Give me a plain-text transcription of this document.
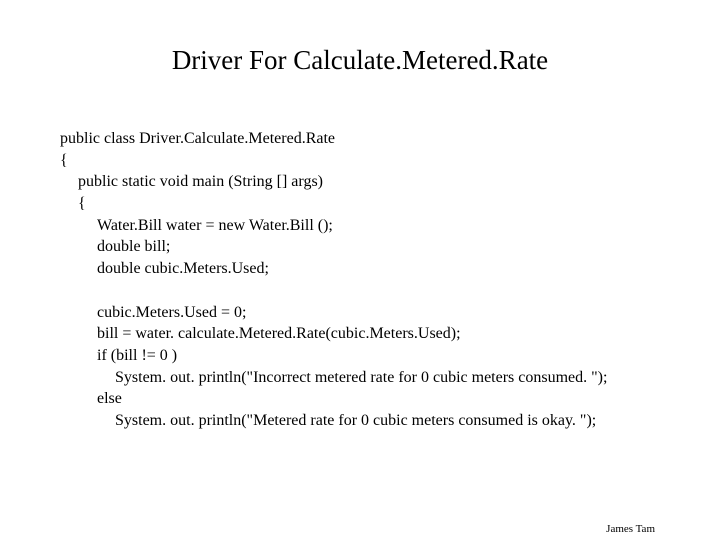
Driver For Calculate.Metered.Rate
public class Driver.Calculate.Metered.Rate
{
public static void main (String [] args)
{
Water.Bill water = new Water.Bill ();
double bill;
double cubic.Meters.Used;
cubic.Meters.Used = 0;
bill = water. calculate.Metered.Rate(cubic.Meters.Used);
if (bill != 0 )
System. out. println("Incorrect metered rate for 0 cubic meters consumed. ");
else
System. out. println("Metered rate for 0 cubic meters consumed is okay. ");
James Tam
